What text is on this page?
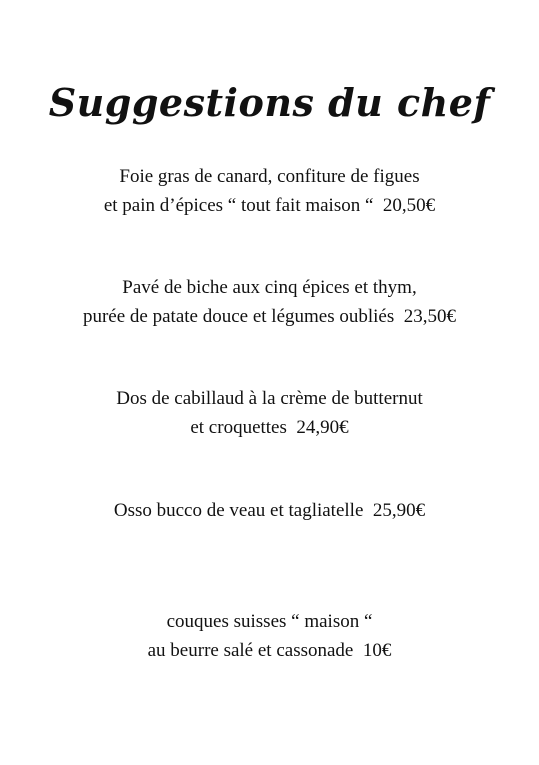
Suggestions du chef
Foie gras de canard, confiture de figues
et pain d’épices “ tout fait maison “  20,50€
Pavé de biche aux cinq épices et thym,
purée de patate douce et légumes oubliés  23,50€
Dos de cabillaud à la crème de butternut
et croquettes  24,90€
Osso bucco de veau et tagliatelle  25,90€
couques suisses “ maison “
au beurre salé et cassonade  10€
